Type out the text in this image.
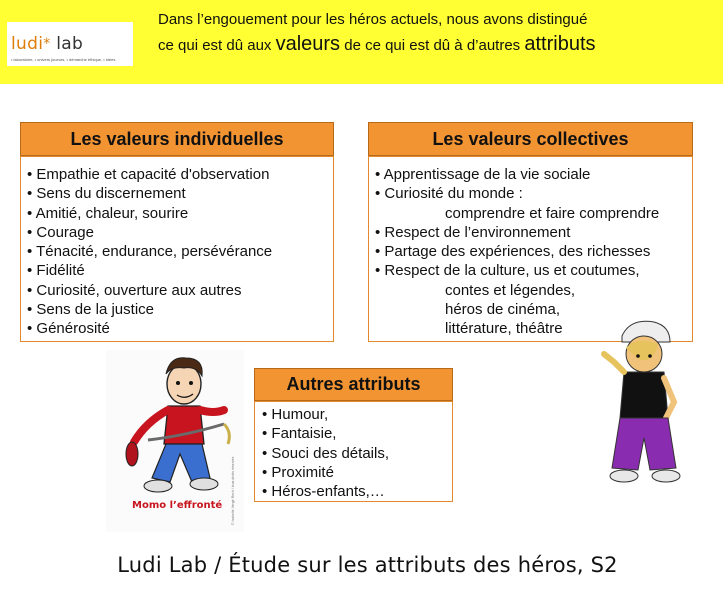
ludi* lab
• laboratoire, • univers joueurs, • démarche éthique, • idées
Dans l’engouement pour les héros actuels, nous avons distingué
ce qui est dû aux valeurs de ce qui est dû à d’autres attributs
Les valeurs individuelles
• Empathie et capacité d'observation
• Sens du discernement
• Amitié, chaleur, sourire
• Courage
• Ténacité, endurance, persévérance
• Fidélité
• Curiosité, ouverture aux autres
• Sens de la justice
• Générosité
Les valeurs collectives
• Apprentissage de la vie sociale
• Curiosité du monde :
comprendre et faire comprendre
• Respect de l’environnement
• Partage des expériences, des richesses
• Respect de la culture, us et coutumes,
contes et légendes,
héros de cinéma,
littérature, théâtre
Autres attributs
• Humour,
• Fantaisie,
• Souci des détails,
• Proximité
• Héros-enfants,…
Momo l’effronté	© Isabelle Vergé Rech / tous droits réservés
Ludi Lab / Étude sur les attributs des héros, S2
